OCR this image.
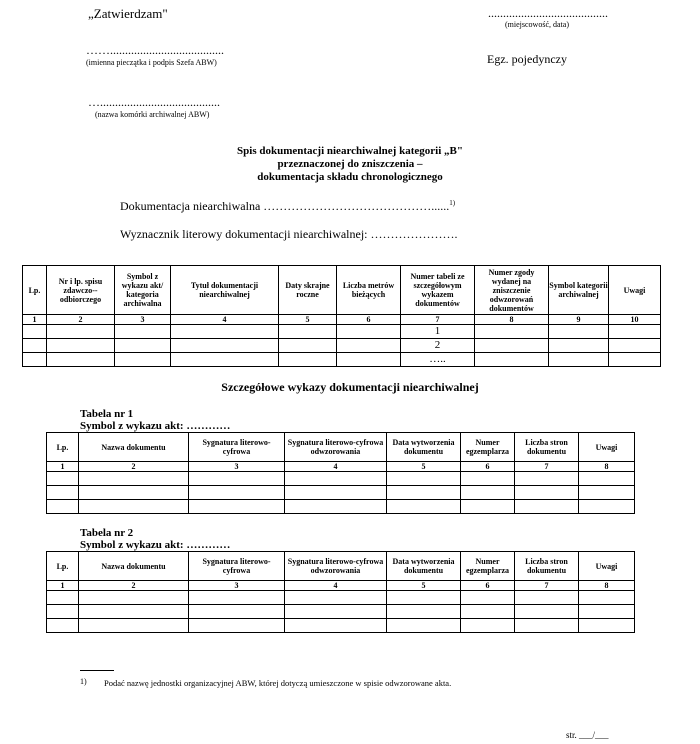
„Zatwierdzam"	........................................
(miejscowość, data)
……......................................
(imienna pieczątka i podpis Szefa ABW)	Egz. pojedynczy
…........................................
(nazwa komórki archiwalnej ABW)
Spis dokumentacji niearchiwalnej kategorii „B"
przeznaczonej do zniszczenia –
dokumentacja składu chronologicznego
Dokumentacja niearchiwalna ……………………………………......$^{1)}$
Wyznacznik literowy dokumentacji niearchiwalnej: ………………….
Lp.	Nr i lp. spisu zdawczo--odbiorczego	Symbol z wykazu akt/ kategoria archiwalna	Tytuł dokumentacji niearchiwalnej	Daty skrajne roczne	Liczba metrów bieżących	Numer tabeli ze szczegółowym wykazem dokumentów	Numer zgody wydanej na zniszczenie odwzorowań dokumentów	Symbol kategorii archiwalnej	Uwagi
1	2	3	4	5	6	7	8	9	10
						1			
						2			
						…..			
Szczegółowe wykazy dokumentacji niearchiwalnej
Tabela nr 1
Symbol z wykazu akt: …………
Lp.	Nazwa dokumentu	Sygnatura literowo-cyfrowa	Sygnatura literowo-cyfrowa odwzorowania	Data wytworzenia dokumentu	Numer egzemplarza	Liczba stron dokumentu	Uwagi
1	2	3	4	5	6	7	8

Tabela nr 2
Symbol z wykazu akt: …………
Lp.	Nazwa dokumentu	Sygnatura literowo-cyfrowa	Sygnatura literowo-cyfrowa odwzorowania	Data wytworzenia dokumentu	Numer egzemplarza	Liczba stron dokumentu	Uwagi
1	2	3	4	5	6	7	8

1) Podać nazwę jednostki organizacyjnej ABW, której dotyczą umieszczone w spisie odwzorowane akta.
str. ___/___
